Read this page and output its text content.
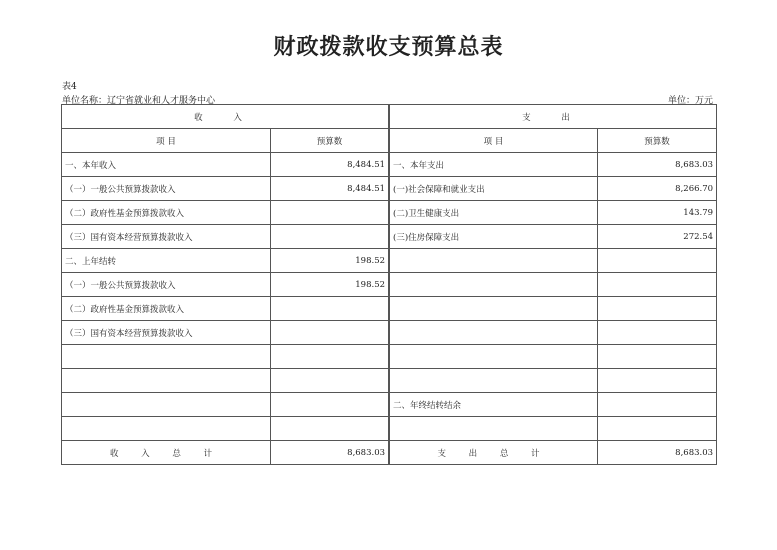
财政拨款收支预算总表
表4
单位名称：辽宁省就业和人才服务中心	单位：万元
收 入		支 出	
项 目	预算数		项 目	预算数
一、本年收入	8,484.51		一、本年支出	8,683.03
（一）一般公共预算拨款收入	8,484.51		(一)社会保障和就业支出	8,266.70
（二）政府性基金预算拨款收入			(二)卫生健康支出	143.79
（三）国有资本经营预算拨款收入			(三)住房保障支出	272.54
二、上年结转	198.52			
（一）一般公共预算拨款收入	198.52			
（二）政府性基金预算拨款收入				
（三）国有资本经营预算拨款收入				

			二、年终结转结余	

收 入 总 计	8,683.03		支 出 总 计	8,683.03
